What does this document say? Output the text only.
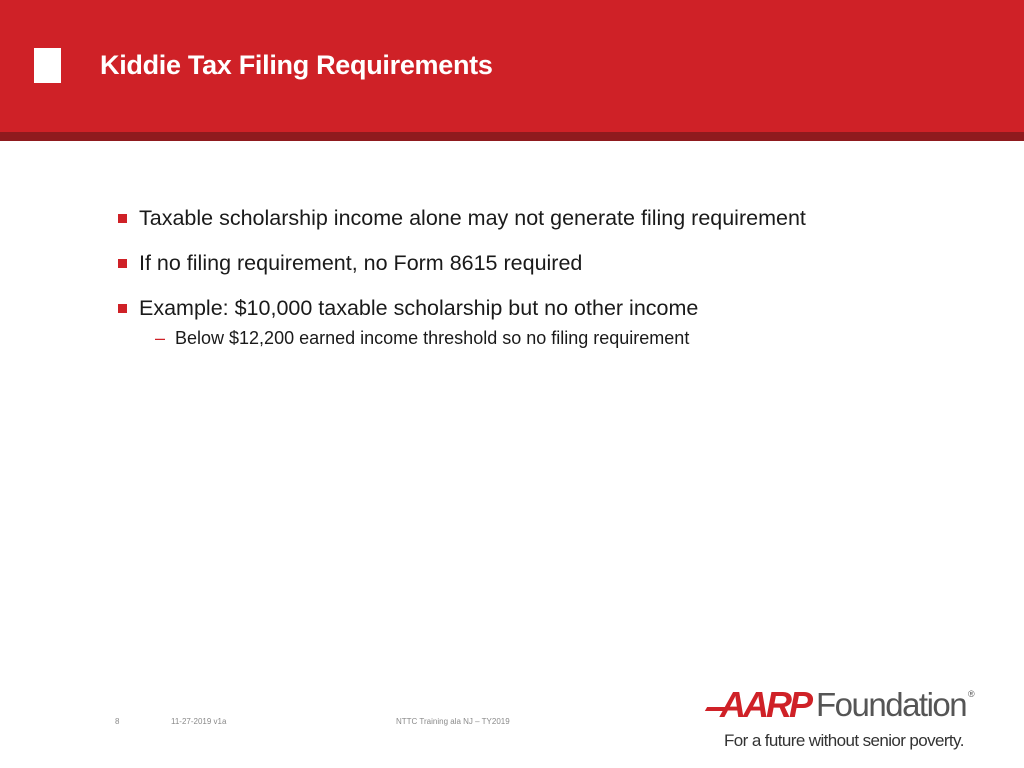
Kiddie Tax Filing Requirements
Taxable scholarship income alone may not generate filing requirement
If no filing requirement, no Form 8615 required
Example: $10,000 taxable scholarship but no other income
– Below $12,200 earned income threshold so no filing requirement
8	11-27-2019 v1a	NTTC Training ala NJ – TY2019	AARP Foundation ®
For a future without senior poverty.
